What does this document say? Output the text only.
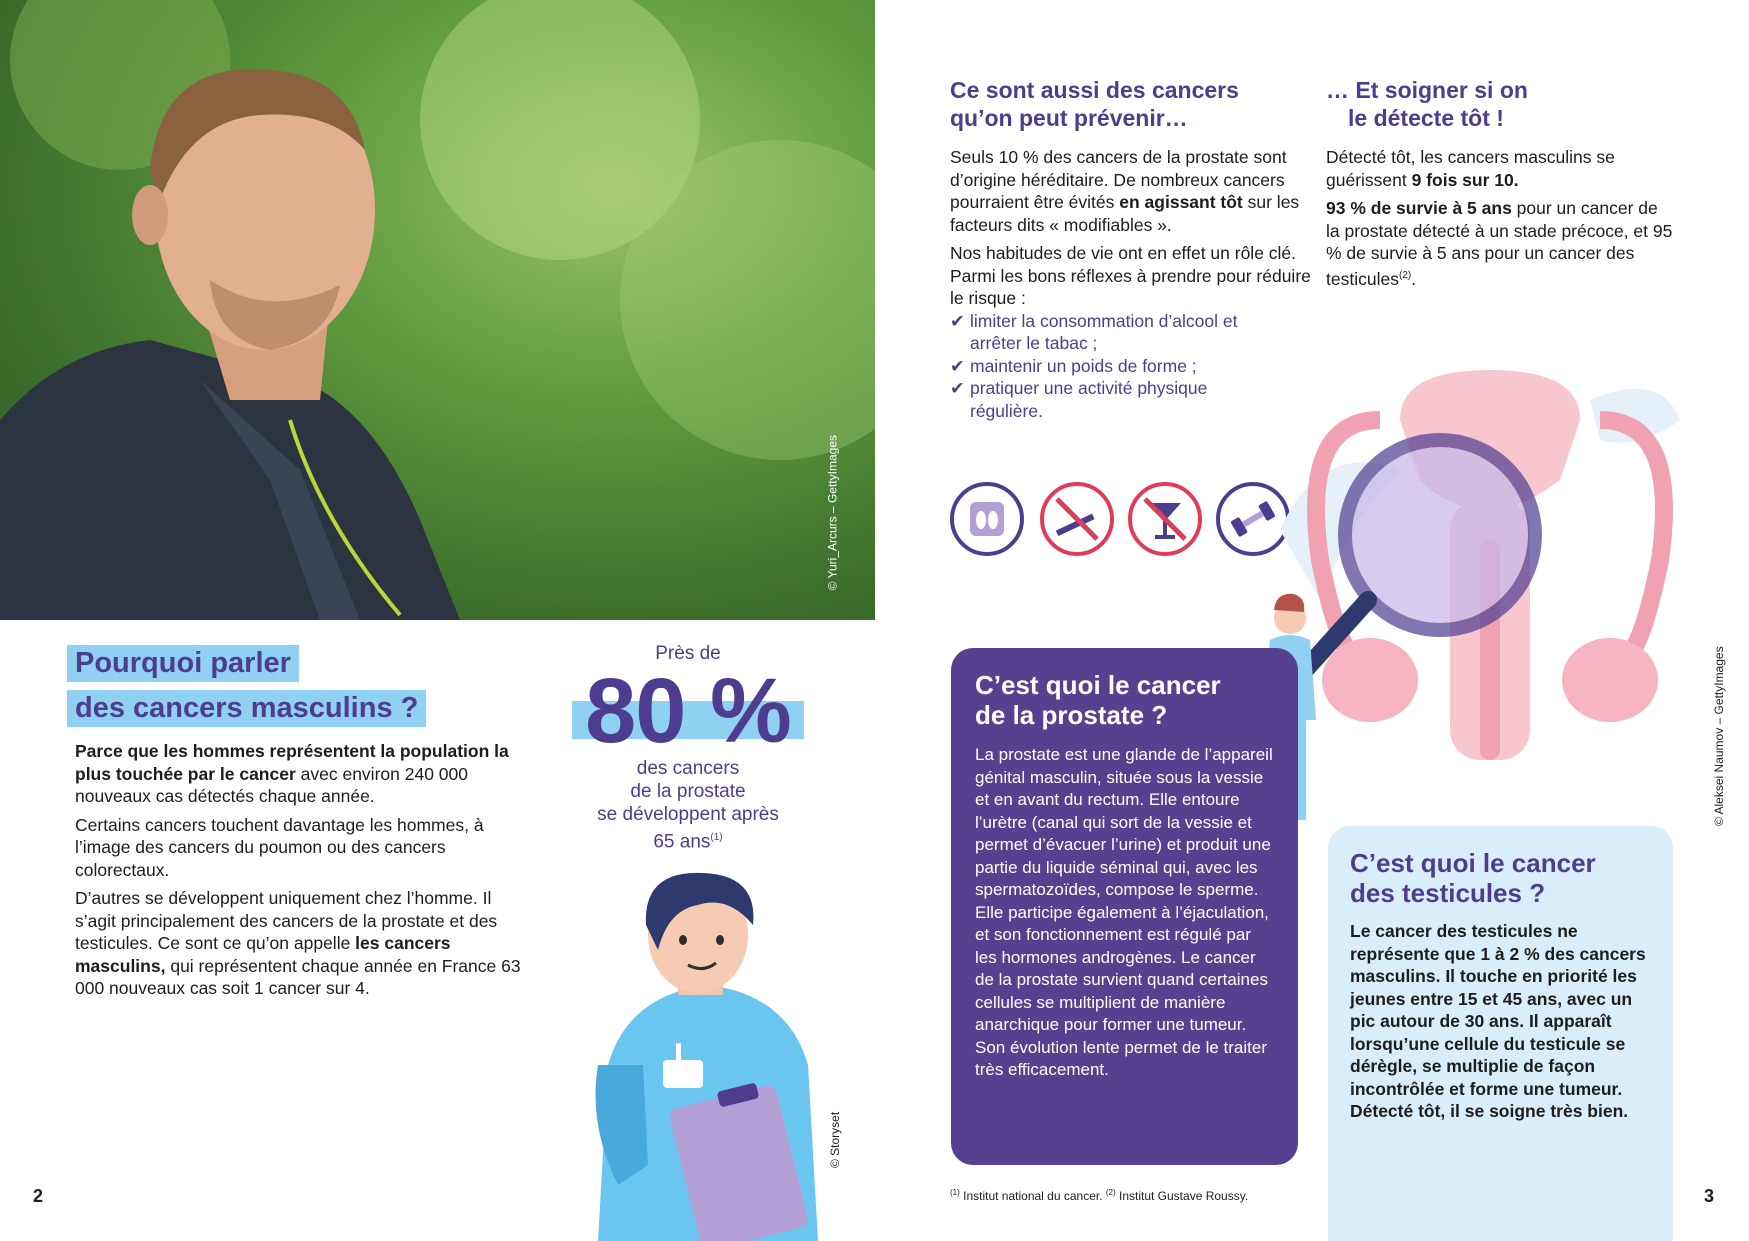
© Yuri_Arcurs – GettyImages
Pourquoi parler
des cancers masculins ?

Parce que les hommes représentent la population la plus touchée par le cancer avec environ 240 000 nouveaux cas détectés chaque année.

Certains cancers touchent davantage les hommes, à l’image des cancers du poumon ou des cancers colorectaux.

D’autres se développent uniquement chez l’homme. Il s’agit principalement des cancers de la prostate et des testicules. Ce sont ce qu’on appelle les cancers masculins, qui représentent chaque année en France 63 000 nouveaux cas soit 1 cancer sur 4.

Près de
80 %
des cancers
de la prostate
se développent après
65 ans$^{(1)}$
© Storyset
2
Ce sont aussi des cancers
qu’on peut prévenir…

Seuls 10 % des cancers de la prostate sont d’origine héréditaire. De nombreux cancers pourraient être évités en agissant tôt sur les facteurs dits « modifiables ».

Nos habitudes de vie ont en effet un rôle clé.

Parmi les bons réflexes à prendre pour réduire le risque :

✔ limiter la consommation d’alcool et arrêter le tabac ;
✔ maintenir un poids de forme ;
✔ pratiquer une activité physique régulière.
… Et soigner si on
le détecte tôt !

Détecté tôt, les cancers masculins se guérissent 9 fois sur 10.

93 % de survie à 5 ans pour un cancer de la prostate détecté à un stade précoce, et 95 % de survie à 5 ans pour un cancer des testicules$^{(2)}$.

© Aleksei Naumov – GettyImages
C’est quoi le cancer
de la prostate ?
La prostate est une glande de l’appareil génital masculin, située sous la vessie et en avant du rectum. Elle entoure l’urètre (canal qui sort de la vessie et permet d’évacuer l’urine) et produit une partie du liquide séminal qui, avec les spermatozoïdes, compose le sperme. Elle participe également à l’éjaculation, et son fonctionnement est régulé par les hormones androgènes. Le cancer de la prostate survient quand certaines cellules se multiplient de manière anarchique pour former une tumeur. Son évolution lente permet de le traiter très efficacement.
C’est quoi le cancer
des testicules ?
Le cancer des testicules ne représente que 1 à 2 % des cancers masculins. Il touche en priorité les jeunes entre 15 et 45 ans, avec un pic autour de 30 ans. Il apparaît lorsqu’une cellule du testicule se dérègle, se multiplie de façon incontrôlée et forme une tumeur. Détecté tôt, il se soigne très bien.
$^{(1)}$ Institut national du cancer. $^{(2)}$ Institut Gustave Roussy.	3
